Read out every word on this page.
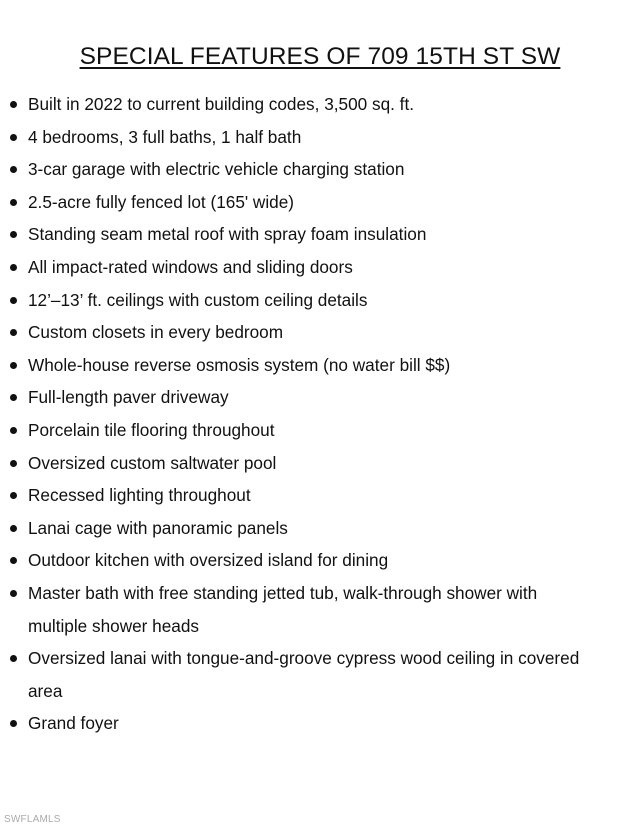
SPECIAL FEATURES OF 709 15TH ST SW
Built in 2022 to current building codes, 3,500 sq. ft.
4 bedrooms, 3 full baths, 1 half bath
3-car garage with electric vehicle charging station
2.5-acre fully fenced lot (165' wide)
Standing seam metal roof with spray foam insulation
All impact-rated windows and sliding doors
12’–13’ ft. ceilings with custom ceiling details
Custom closets in every bedroom
Whole-house reverse osmosis system (no water bill $$)
Full-length paver driveway
Porcelain tile flooring throughout
Oversized custom saltwater pool
Recessed lighting throughout
Lanai cage with panoramic panels
Outdoor kitchen with oversized island for dining
Master bath with free standing jetted tub, walk-through shower with multiple shower heads
Oversized lanai with tongue-and-groove cypress wood ceiling in covered area
Grand foyer
SWFLAMLS
